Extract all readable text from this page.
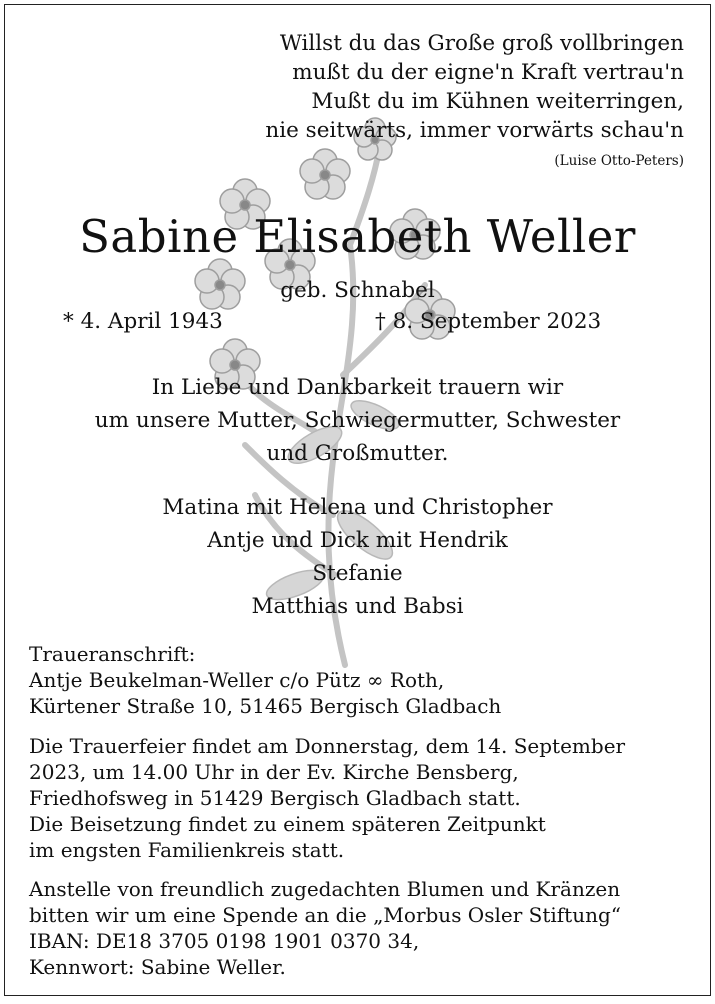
Willst du das Große groß vollbringen
mußt du der eigne'n Kraft vertrau'n
Mußt du im Kühnen weiterringen,
nie seitwärts, immer vorwärts schau'n
(Luise Otto-Peters)
Sabine Elisabeth Weller
geb. Schnabel
* 4. April 1943	† 8. September 2023
In Liebe und Dankbarkeit trauern wir
um unsere Mutter, Schwiegermutter, Schwester
und Großmutter.
Matina mit Helena und Christopher
Antje und Dick mit Hendrik
Stefanie
Matthias und Babsi
Traueranschrift:
Antje Beukelman-Weller c/o Pütz ∞ Roth,
Kürtener Straße 10, 51465 Bergisch Gladbach
Die Trauerfeier findet am Donnerstag, dem 14. September
2023, um 14.00 Uhr in der Ev. Kirche Bensberg,
Friedhofsweg in 51429 Bergisch Gladbach statt.
Die Beisetzung findet zu einem späteren Zeitpunkt
im engsten Familienkreis statt.
Anstelle von freundlich zugedachten Blumen und Kränzen
bitten wir um eine Spende an die „Morbus Osler Stiftung“
IBAN: DE18 3705 0198 1901 0370 34,
Kennwort: Sabine Weller.
